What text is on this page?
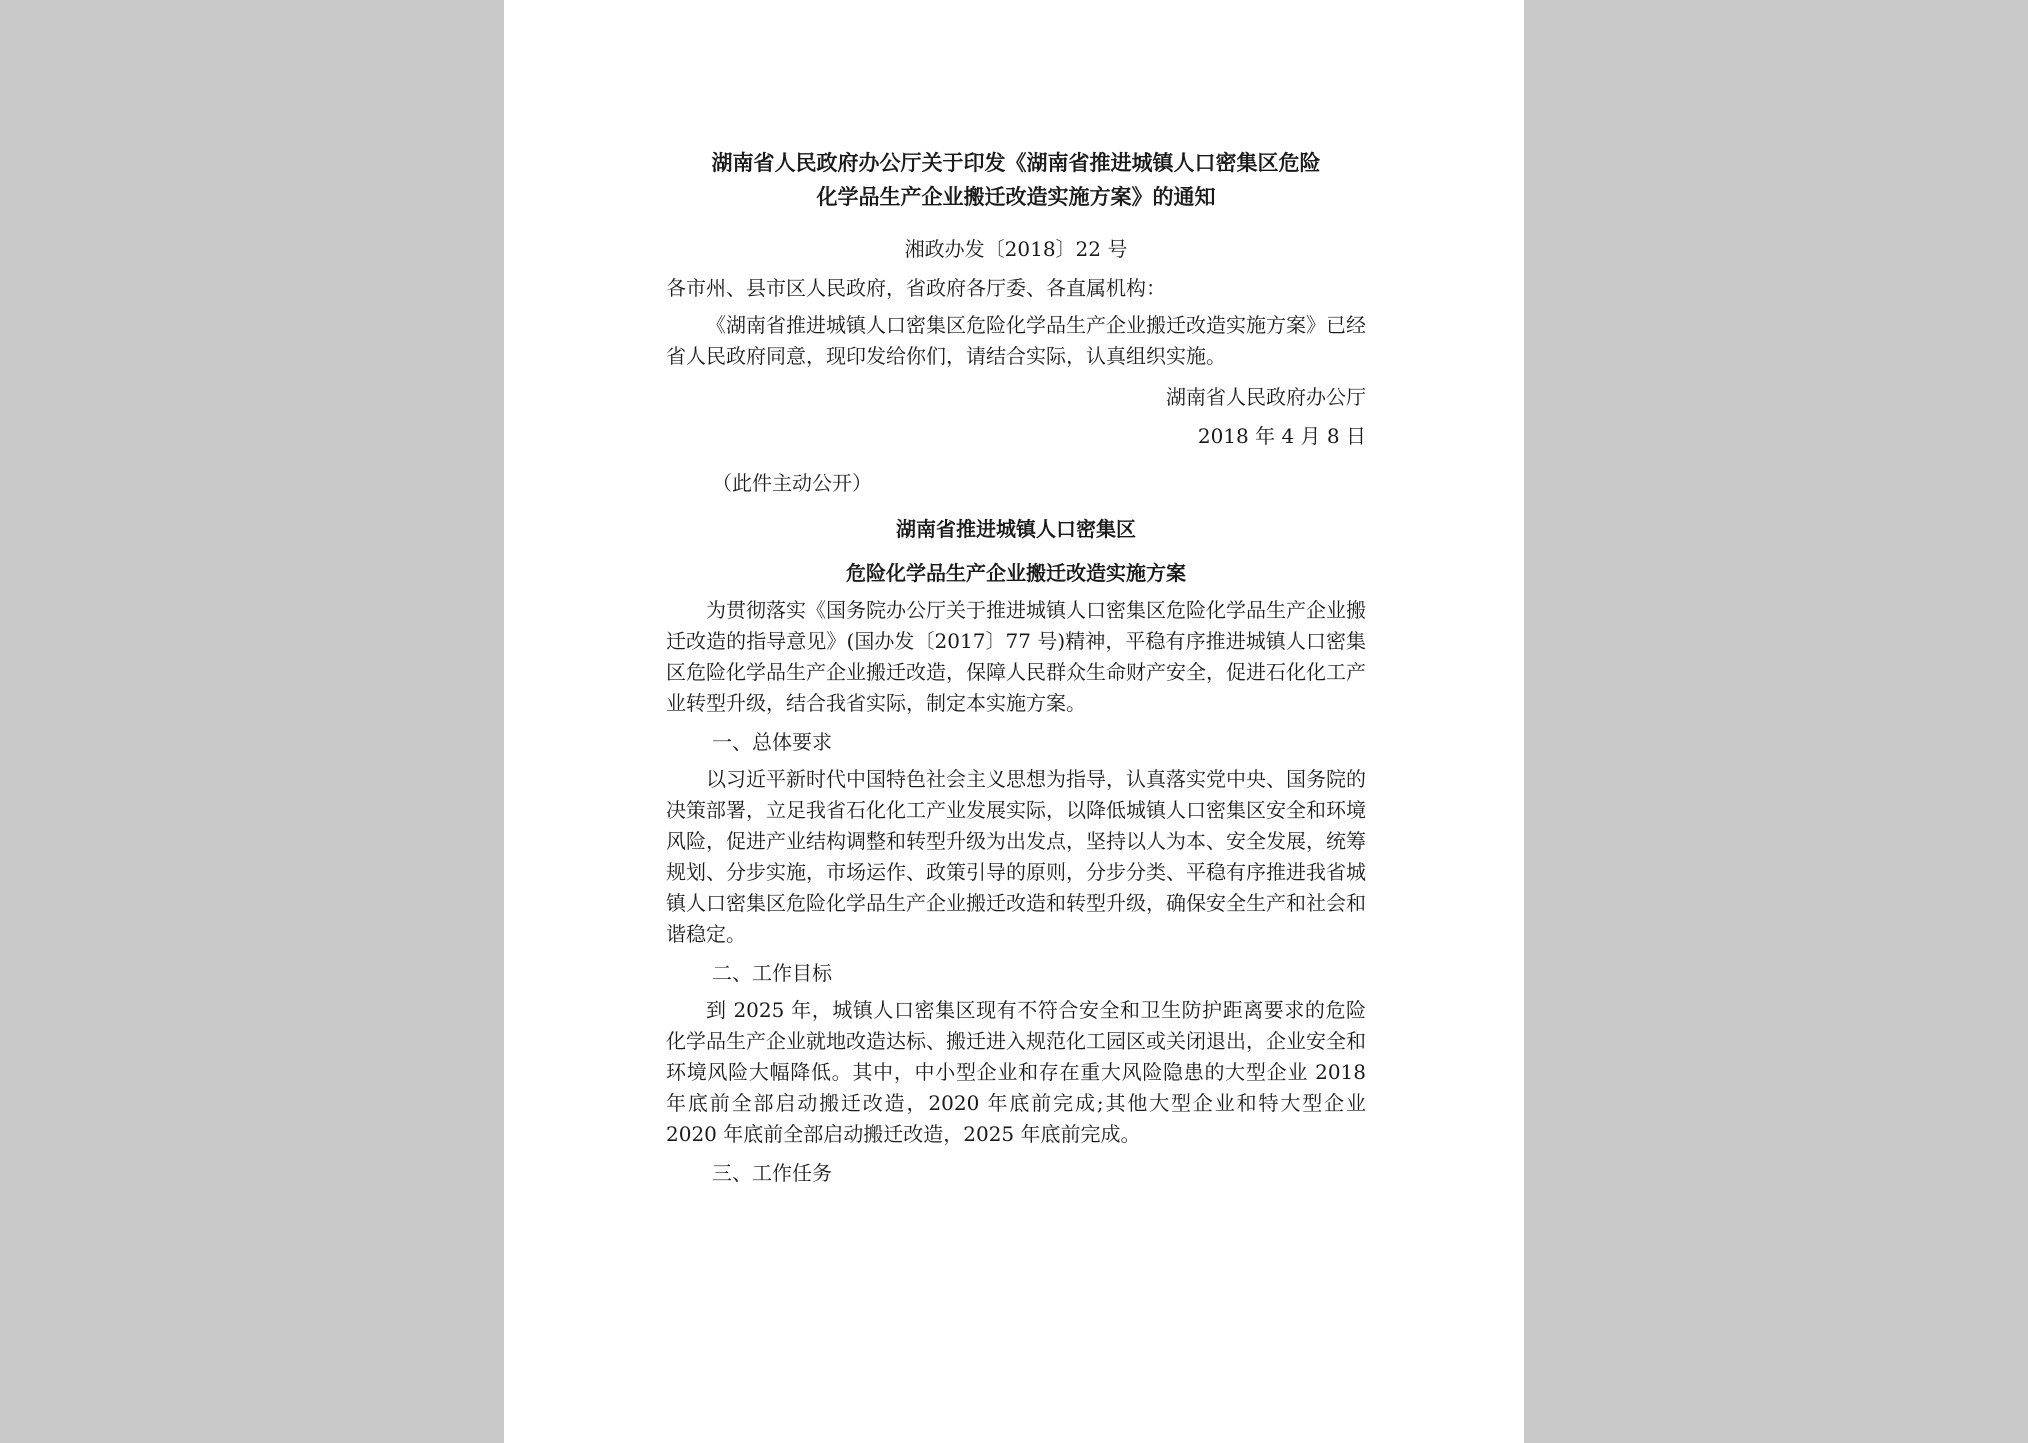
湖南省人民政府办公厅关于印发《湖南省推进城镇人口密集区危险
化学品生产企业搬迁改造实施方案》的通知

湘政办发〔2018〕22 号

各市州、县市区人民政府，省政府各厅委、各直属机构：

《湖南省推进城镇人口密集区危险化学品生产企业搬迁改造实施方案》已经省人民政府同意，现印发给你们，请结合实际，认真组织实施。

湖南省人民政府办公厅

2018 年 4 月 8 日

（此件主动公开）

湖南省推进城镇人口密集区
危险化学品生产企业搬迁改造实施方案

为贯彻落实《国务院办公厅关于推进城镇人口密集区危险化学品生产企业搬迁改造的指导意见》(国办发〔2017〕77 号)精神，平稳有序推进城镇人口密集区危险化学品生产企业搬迁改造，保障人民群众生命财产安全，促进石化化工产业转型升级，结合我省实际，制定本实施方案。

一、总体要求

以习近平新时代中国特色社会主义思想为指导，认真落实党中央、国务院的决策部署，立足我省石化化工产业发展实际，以降低城镇人口密集区安全和环境风险，促进产业结构调整和转型升级为出发点，坚持以人为本、安全发展，统筹规划、分步实施，市场运作、政策引导的原则，分步分类、平稳有序推进我省城镇人口密集区危险化学品生产企业搬迁改造和转型升级，确保安全生产和社会和谐稳定。

二、工作目标

到 2025 年，城镇人口密集区现有不符合安全和卫生防护距离要求的危险化学品生产企业就地改造达标、搬迁进入规范化工园区或关闭退出，企业安全和环境风险大幅降低。其中，中小型企业和存在重大风险隐患的大型企业 2018 年底前全部启动搬迁改造，2020 年底前完成;其他大型企业和特大型企业 2020 年底前全部启动搬迁改造，2025 年底前完成。

三、工作任务
